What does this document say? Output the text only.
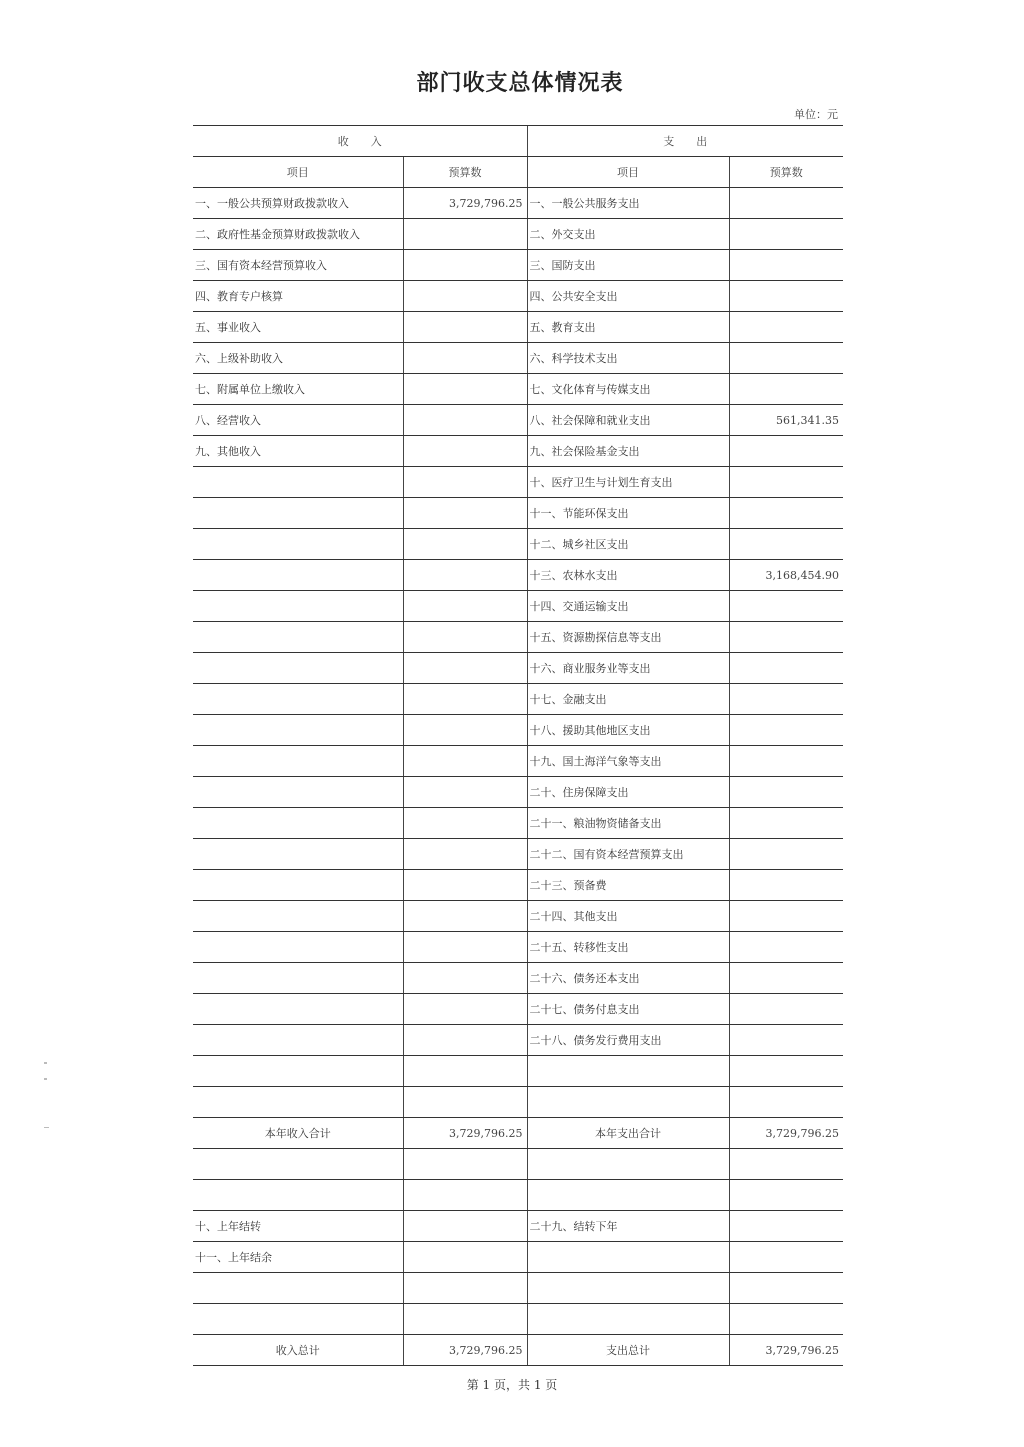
部门收支总体情况表
单位：元
收　　入		支　　出	
项目	预算数	项目	预算数
一、一般公共预算财政拨款收入	3,729,796.25	一、一般公共服务支出	
二、政府性基金预算财政拨款收入		二、外交支出	
三、国有资本经营预算收入		三、国防支出	
四、教育专户核算		四、公共安全支出	
五、事业收入		五、教育支出	
六、上级补助收入		六、科学技术支出	
七、附属单位上缴收入		七、文化体育与传媒支出	
八、经营收入		八、社会保障和就业支出	561,341.35
九、其他收入		九、社会保险基金支出	
		十、医疗卫生与计划生育支出	
		十一、节能环保支出	
		十二、城乡社区支出	
		十三、农林水支出	3,168,454.90
		十四、交通运输支出	
		十五、资源勘探信息等支出	
		十六、商业服务业等支出	
		十七、金融支出	
		十八、援助其他地区支出	
		十九、国土海洋气象等支出	
		二十、住房保障支出	
		二十一、粮油物资储备支出	
		二十二、国有资本经营预算支出	
		二十三、预备费	
		二十四、其他支出	
		二十五、转移性支出	
		二十六、债务还本支出	
		二十七、债务付息支出	
		二十八、债务发行费用支出	

本年收入合计	3,729,796.25	本年支出合计	3,729,796.25

十、上年结转		二十九、结转下年	
十一、上年结余			

收入总计	3,729,796.25	支出总计	3,729,796.25
第 1 页，共 1 页
